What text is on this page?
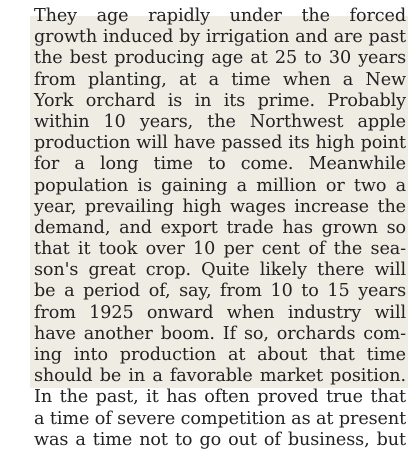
They age rapidly under the forced
growth induced by irrigation and are past
the best producing age at 25 to 30 years
from planting, at a time when a New
York orchard is in its prime. Probably
within 10 years, the Northwest apple
production will have passed its high point
for a long time to come. Meanwhile
population is gaining a million or two a
year, prevailing high wages increase the
demand, and export trade has grown so
that it took over 10 per cent of the sea-
son's great crop. Quite likely there will
be a period of, say, from 10 to 15 years
from 1925 onward when industry will
have another boom. If so, orchards com-
ing into production at about that time
should be in a favorable market position.
In the past, it has often proved true that
a time of severe competition as at present
was a time not to go out of business, but
